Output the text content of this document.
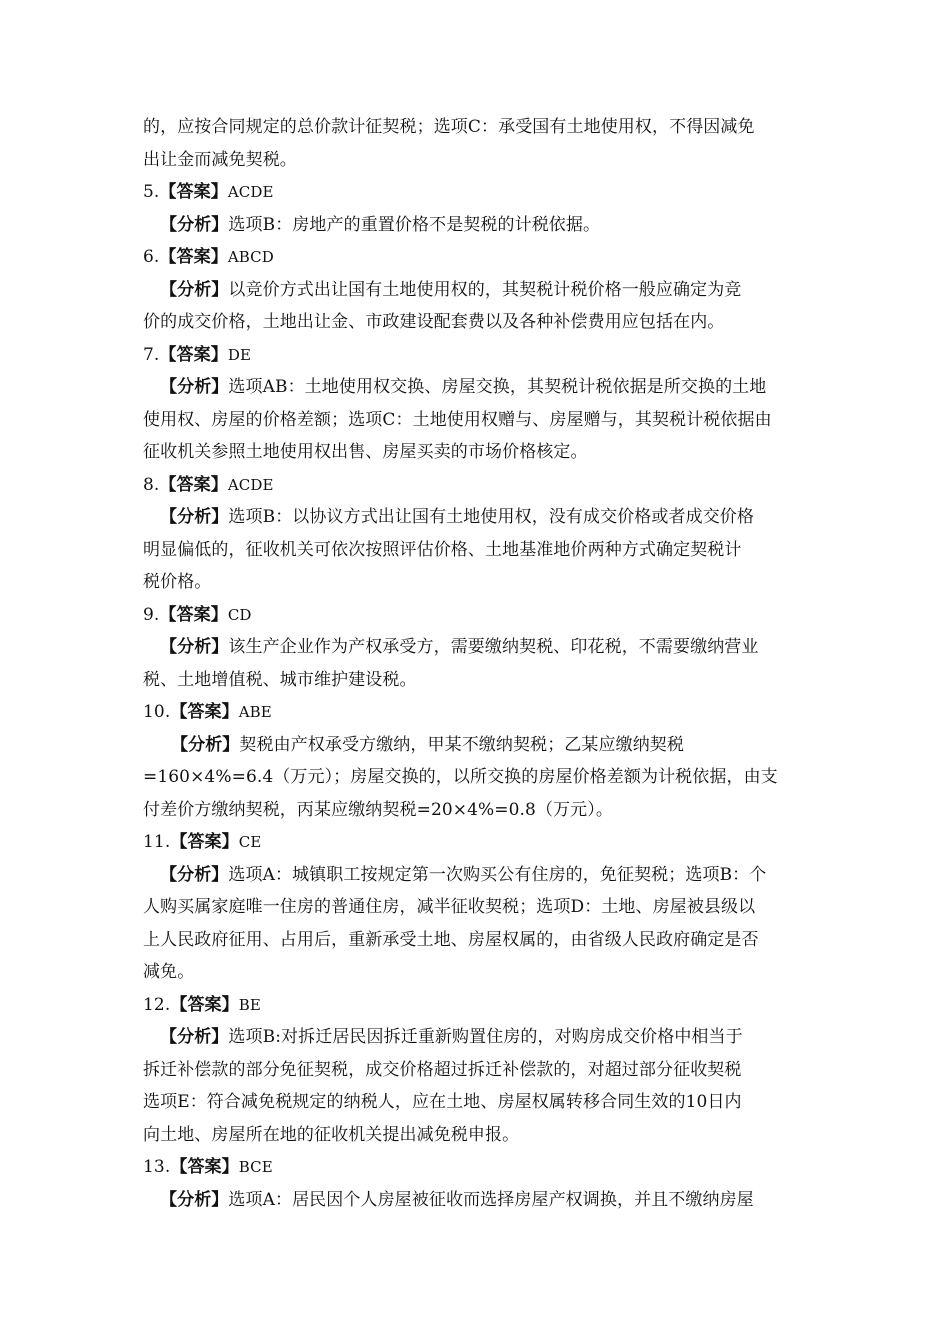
的，应按合同规定的总价款计征契税；选项C：承受国有土地使用权，不得因减免
出让金而减免契税。
5.【答案】ACDE
【分析】选项B：房地产的重置价格不是契税的计税依据。
6.【答案】ABCD
【分析】以竞价方式出让国有土地使用权的，其契税计税价格一般应确定为竞
价的成交价格，土地出让金、市政建设配套费以及各种补偿费用应包括在内。
7.【答案】DE
【分析】选项AB：土地使用权交换、房屋交换，其契税计税依据是所交换的土地
使用权、房屋的价格差额；选项C：土地使用权赠与、房屋赠与，其契税计税依据由
征收机关参照土地使用权出售、房屋买卖的市场价格核定。
8.【答案】ACDE
【分析】选项B：以协议方式出让国有土地使用权，没有成交价格或者成交价格
明显偏低的，征收机关可依次按照评估价格、土地基准地价两种方式确定契税计
税价格。
9.【答案】CD
【分析】该生产企业作为产权承受方，需要缴纳契税、印花税，不需要缴纳营业
税、土地增值税、城市维护建设税。
10.【答案】ABE
【分析】契税由产权承受方缴纳，甲某不缴纳契税；乙某应缴纳契税
=160×4%=6.4（万元）；房屋交换的，以所交换的房屋价格差额为计税依据，由支
付差价方缴纳契税，丙某应缴纳契税=20×4%=0.8（万元）。
11.【答案】CE
【分析】选项A：城镇职工按规定第一次购买公有住房的，免征契税；选项B：个
人购买属家庭唯一住房的普通住房，减半征收契税；选项D：土地、房屋被县级以
上人民政府征用、占用后，重新承受土地、房屋权属的，由省级人民政府确定是否
减免。
12.【答案】BE
【分析】选项B:对拆迁居民因拆迁重新购置住房的，对购房成交价格中相当于
拆迁补偿款的部分免征契税，成交价格超过拆迁补偿款的，对超过部分征收契税
选项E：符合减免税规定的纳税人，应在土地、房屋权属转移合同生效的10日内
向土地、房屋所在地的征收机关提出减免税申报。
13.【答案】BCE
【分析】选项A：居民因个人房屋被征收而选择房屋产权调换，并且不缴纳房屋
